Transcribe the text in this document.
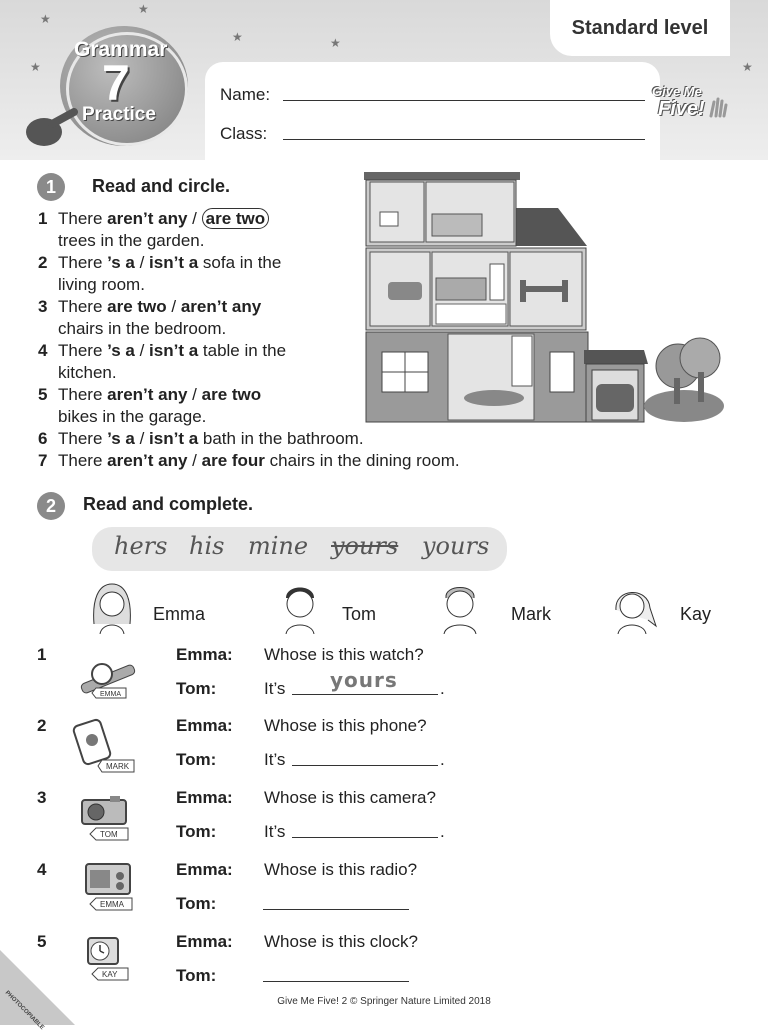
★
★
★
★	★
★
Grammar
7
Practice
Standard level
Name:
Class:
Give Me
Five!
1	Read and circle.
1 There aren’t any / are two
trees in the garden.
2 There ’s a / isn’t a sofa in the
living room.
3 There are two / aren’t any
chairs in the bedroom.
4 There ’s a / isn’t a table in the
kitchen.
5 There aren’t any / are two
bikes in the garage.
6 There ’s a / isn’t a bath in the bathroom.
7 There aren’t any / are four chairs in the dining room.
2	Read and complete.
hers his mine yours yours
Emma	Tom	Mark	Kay
1
EMMA
Emma: Whose is this watch?
Tom:	It’s yours .
2
MARK
Emma: Whose is this phone?
Tom:	It’s	.
3
TOM
Emma: Whose is this camera?
Tom:	It’s	.
4
EMMA
Emma: Whose is this radio?
Tom:
5
KAY
Emma: Whose is this clock?
Tom:
PHOTOCOPIABLE	Give Me Five! 2 © Springer Nature Limited 2018
